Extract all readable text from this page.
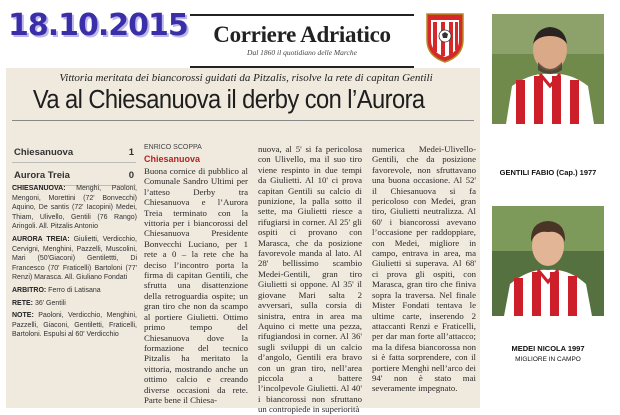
18.10.2015	Corriere Adriatico
Dal 1860 il quotidiano delle Marche
Vittoria meritata dei biancorossi guidati da Pitzalis, risolve la rete di capitan Gentili
Va al Chiesanuova il derby con l’Aurora
Chiesanuova	1
Aurora Treia	0

CHIESANUOVA: Menghi, Paoloni, Mengoni, Morettini (72' Bonvecchi) Aquino, De santis (72' Iacopini) Medei, Thiam, Ulivello, Gentili (76 Rango) Aringoli. All. Pitzalis Antonio

AURORA TREIA: Giulietti, Verdicchio, Cervigni, Menghini, Pazzelli, Muscolini, Mari (50'Giaconi) Gentilettti, Di Francesco (70' Fraticelli) Bartoloni (77' Renzi) Marasca. All. Giuliano Fondati

ARBITRO: Ferro di Latisana

RETE: 36' Gentili

NOTE: Paoloni, Verdicchio, Menghini, Pazzelli, Giaconi, Gentiletti, Fraticelli, Bartoloni. Espulsi al 60' Verdicchio

ENRICO SCOPPA
Chiesanuova
Buona cornice di pubblico al Comunale Sandro Ultimi per l’atteso Derby tra Chiesanuova e l’Aurora Treia terminato con la vittoria per i biancorossi del Chiesanuova Presidente Bonvecchi Luciano, per 1 rete a 0 – la rete che ha deciso l’incontro porta la firma di capitan Gentili, che sfrutta una disattenzione della retroguardia ospite; un gran tiro che non da scampo al portiere Giulietti. Ottimo primo tempo del Chiesanuova dove la formazione del tecnico Pitzalis ha meritato la vittoria, mostrando anche un ottimo calcio e creando diverse occasioni da rete. Parte bene il Chiesa-
nuova, al 5' si fa pericolosa con Ulivello, ma il suo tiro viene respinto in due tempi da Giulietti. Al 10' ci prova capitan Gentili su calcio di punizione, la palla sotto il sette, ma Giulietti riesce a rifugiarsi in corner. Al 25' gli ospiti ci provano con Marasca, che da posizione favorevole manda al lato. Al 28' bellissimo scambio Medei-Gentili, gran tiro Giulietti si oppone. Al 35' il giovane Mari salta 2 avversari, sulla corsia di sinistra, entra in area ma Aquino ci mette una pezza, rifugiandosi in corner. Al 36' sugli sviluppi di un calcio d’angolo, Gentili era bravo con un gran tiro, nell’area piccola a battere l’incolpevole Giulietti. Al 40' i biancorossi non sfruttano un contropiede in superiorità
numerica Medei-Ulivello-Gentili, che da posizione favorevole, non sfruttavano una buona occasione. Al 52' il Chiesanuova si fa pericoloso con Medei, gran tiro, Giulietti neutralizza. Al 60' i biancorossi avevano l’occasione per raddoppiare, con Medei, migliore in campo, entrava in area, ma Giulietti si superava. Al 68' ci prova gli ospiti, con Marasca, gran tiro che finiva sopra la traversa. Nel finale Mister Fondati tentava le ultime carte, inserendo 2 attaccanti Renzi e Fraticelli, per dar man forte all’attacco; ma la difesa biancorossa non si è fatta sorprendere, con il portiere Menghi nell’arco dei 94' non è stato mai severamente impegnato.
GENTILI FABIO (Cap.) 1977
MEDEI NICOLA 1997
MIGLIORE IN CAMPO
